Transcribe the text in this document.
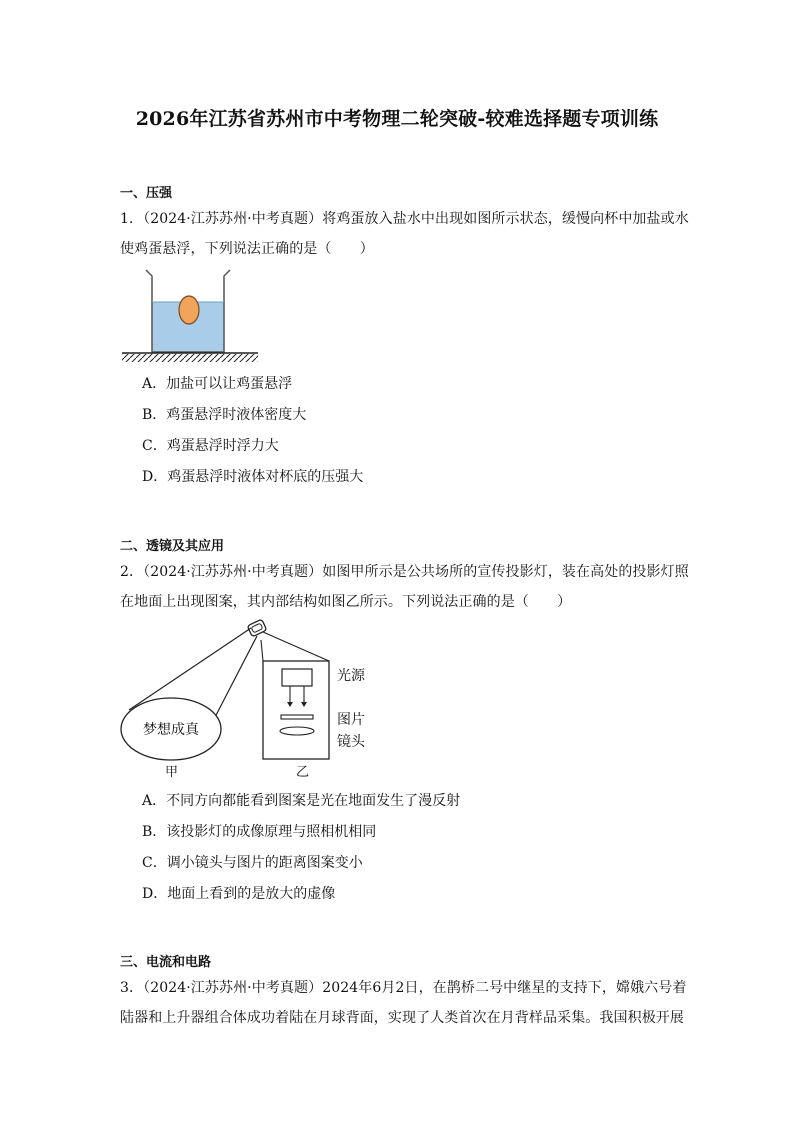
2026年江苏省苏州市中考物理二轮突破-较难选择题专项训练
一、压强
1．（2024·江苏苏州·中考真题）将鸡蛋放入盐水中出现如图所示状态，缓慢向杯中加盐或水
使鸡蛋悬浮，下列说法正确的是（　　）
A．加盐可以让鸡蛋悬浮
B．鸡蛋悬浮时液体密度大
C．鸡蛋悬浮时浮力大
D．鸡蛋悬浮时液体对杯底的压强大
二、透镜及其应用
2．（2024·江苏苏州·中考真题）如图甲所示是公共场所的宣传投影灯，装在高处的投影灯照
在地面上出现图案，其内部结构如图乙所示。下列说法正确的是（　　）
梦想成真
光源
图片
镜头
甲	乙
A．不同方向都能看到图案是光在地面发生了漫反射
B．该投影灯的成像原理与照相机相同
C．调小镜头与图片的距离图案变小
D．地面上看到的是放大的虚像
三、电流和电路
3．（2024·江苏苏州·中考真题）2024年6月2日，在鹊桥二号中继星的支持下，嫦娥六号着
陆器和上升器组合体成功着陆在月球背面，实现了人类首次在月背样品采集。我国积极开展
